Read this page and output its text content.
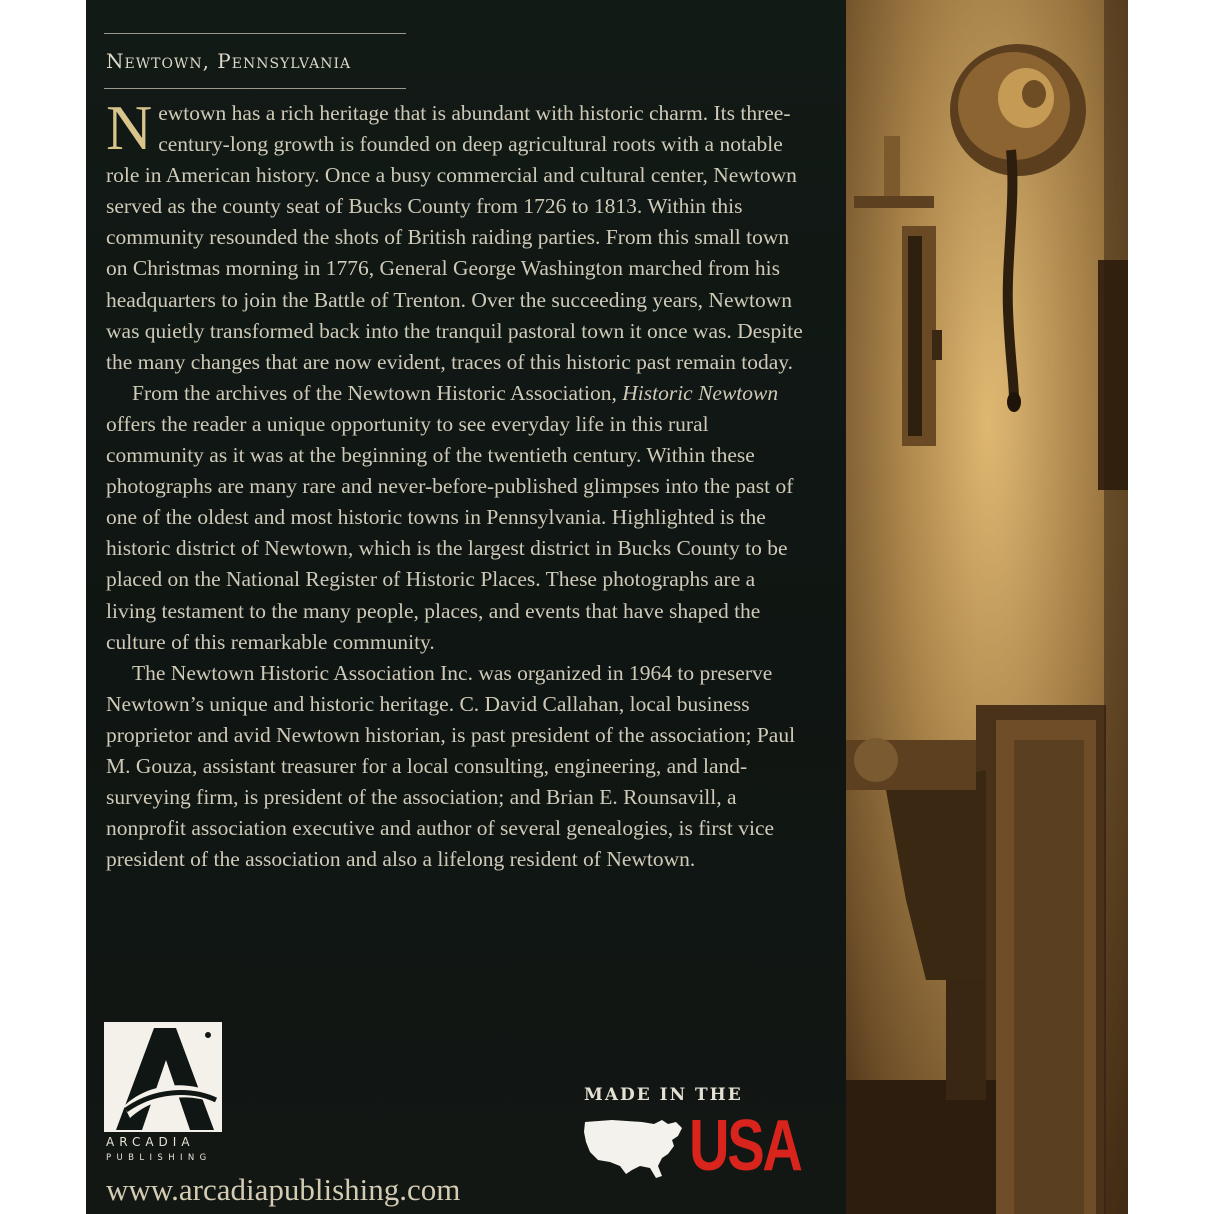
Newtown, Pennsylvania

Newtown has a rich heritage that is abundant with historic charm. Its three-century-long growth is founded on deep agricultural roots with a notable role in American history. Once a busy commercial and cultural center, Newtown served as the county seat of Bucks County from 1726 to 1813. Within this community resounded the shots of British raiding parties. From this small town on Christmas morning in 1776, General George Washington marched from his headquarters to join the Battle of Trenton. Over the succeeding years, Newtown was quietly transformed back into the tranquil pastoral town it once was. Despite the many changes that are now evident, traces of this historic past remain today.

From the archives of the Newtown Historic Association, Historic Newtown offers the reader a unique opportunity to see everyday life in this rural community as it was at the beginning of the twentieth century. Within these photographs are many rare and never-before-published glimpses into the past of one of the oldest and most historic towns in Pennsylvania. Highlighted is the historic district of Newtown, which is the largest district in Bucks County to be placed on the National Register of Historic Places. These photographs are a living testament to the many people, places, and events that have shaped the culture of this remarkable community.

The Newtown Historic Association Inc. was organized in 1964 to preserve Newtown’s unique and historic heritage. C. David Callahan, local business proprietor and avid Newtown historian, is past president of the association; Paul M. Gouza, assistant treasurer for a local consulting, engineering, and land-surveying firm, is president of the association; and Brian E. Rounsavill, a nonprofit association executive and author of several genealogies, is first vice president of the association and also a lifelong resident of Newtown.

ARCADIA
PUBLISHING
www.arcadiapublishing.com
MADE IN THE
USA
